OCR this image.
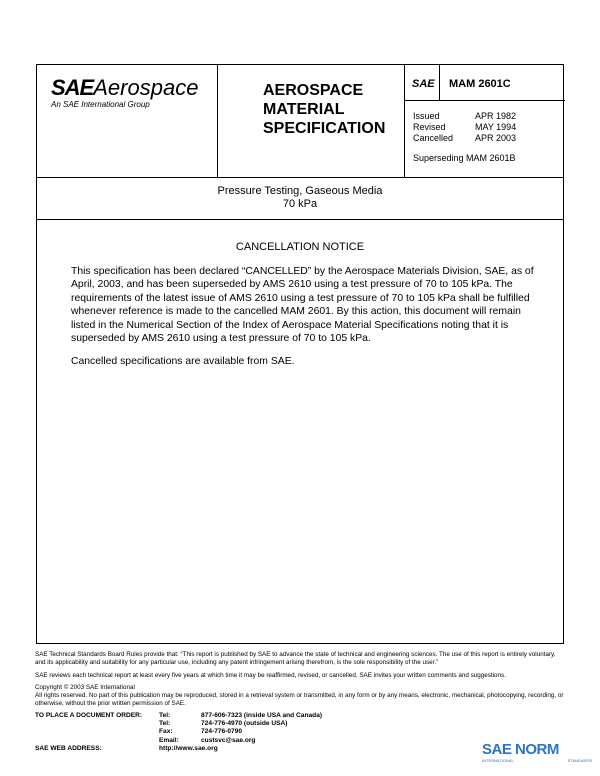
SAEAerospace
An SAE International Group
AEROSPACE
MATERIAL
SPECIFICATION
SAE MAM 2601C
Issued	APR 1982
Revised	MAY 1994
Cancelled	APR 2003
Superseding MAM 2601B
Pressure Testing, Gaseous Media
70 kPa
CANCELLATION NOTICE
This specification has been declared “CANCELLED” by the Aerospace Materials Division, SAE, as of April, 2003, and has been superseded by AMS 2610 using a test pressure of 70 to 105 kPa. The requirements of the latest issue of AMS 2610 using a test pressure of 70 to 105 kPa shall be fulfilled whenever reference is made to the cancelled MAM 2601. By this action, this document will remain listed in the Numerical Section of the Index of Aerospace Material Specifications noting that it is superseded by AMS 2610 using a test pressure of 70 to 105 kPa.
Cancelled specifications are available from SAE.
SAE Technical Standards Board Rules provide that: “This report is published by SAE to advance the state of technical and engineering sciences. The use of this report is entirely voluntary, and its applicability and suitability for any particular use, including any patent infringement arising therefrom, is the sole responsibility of the user.”
SAE reviews each technical report at least every five years at which time it may be reaffirmed, revised, or cancelled. SAE invites your written comments and suggestions.
Copyright © 2003 SAE International
All rights reserved. No part of this publication may be reproduced, stored in a retrieval system or transmitted, in any form or by any means, electronic, mechanical, photocopying, recording, or otherwise, without the prior written permission of SAE.
TO PLACE A DOCUMENT ORDER:	Tel:	877-606-7323 (inside USA and Canada)
	Tel:	724-776-4970 (outside USA)
	Fax:	724-776-0790
	Email:	custsvc@sae.org
SAE WEB ADDRESS:	http://www.sae.org		SAE NORM
INTERNATIONAL	STANDARDS
